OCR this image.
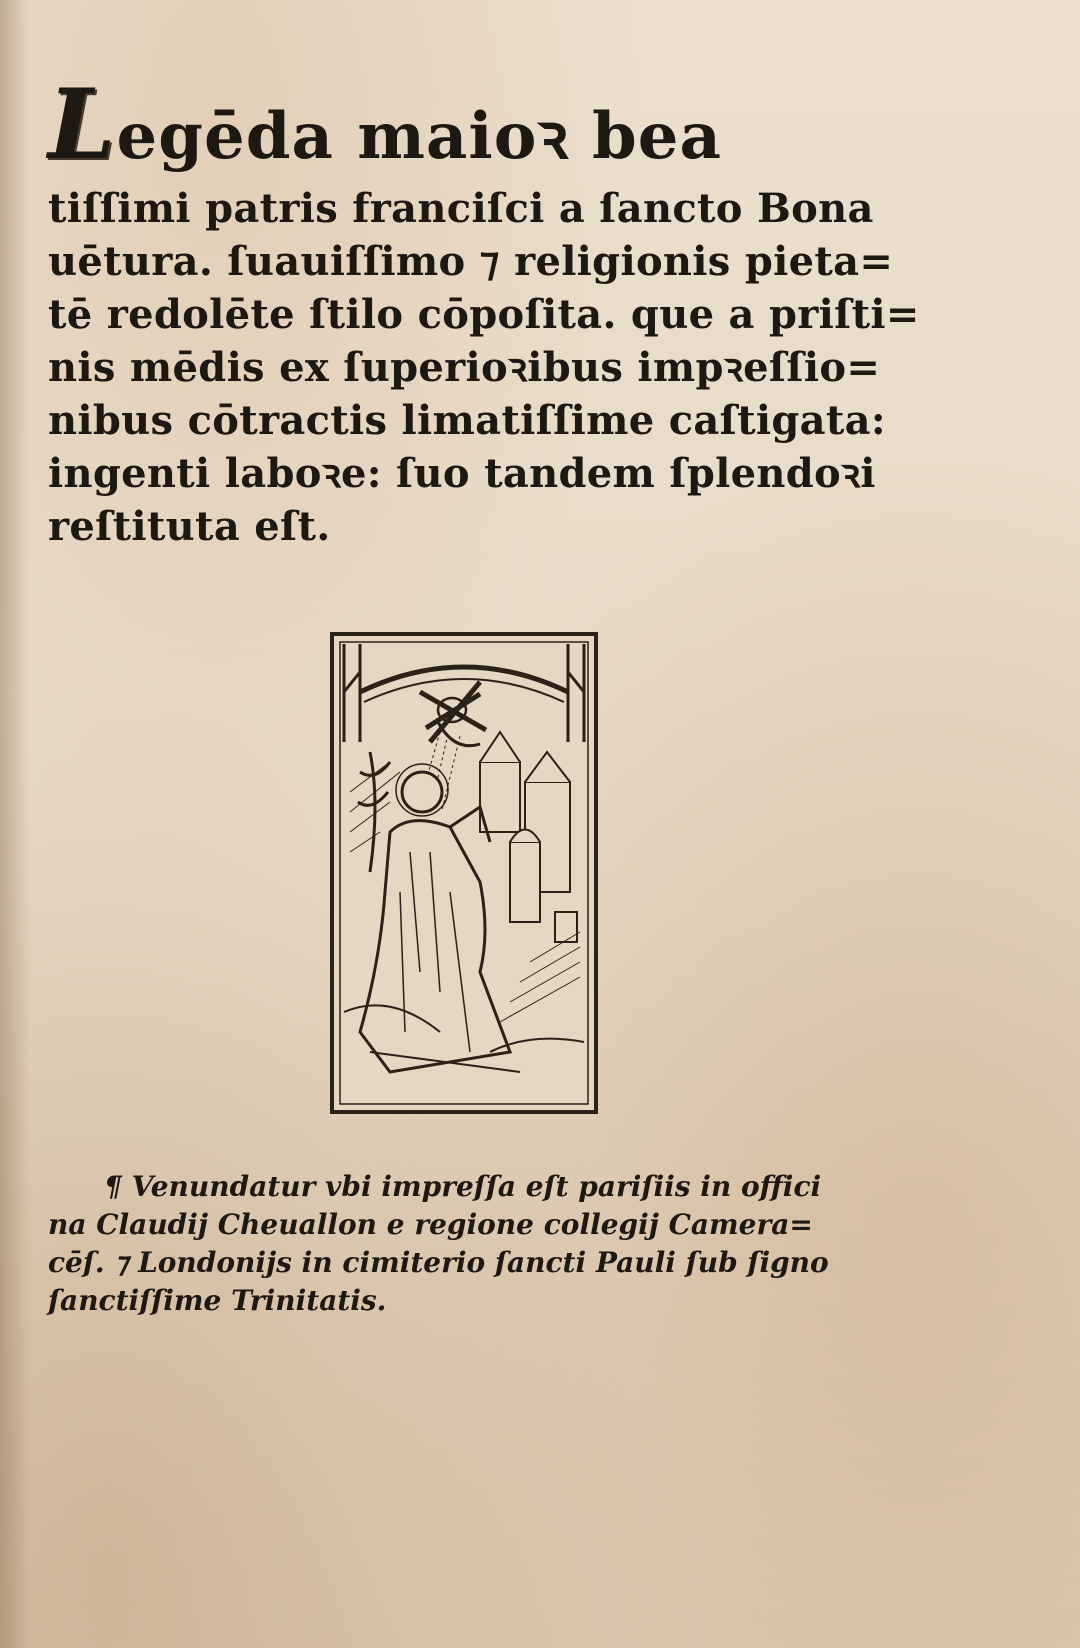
Legēda maioꝛ bea
tiſſimi patris franciſci a ſancto Bona
uētura. ſuauiſſimo ⁊ religionis pieta=
tē redolēte ſtilo cōpoſita. que a priſti=
nis mēdis ex ſuperioꝛibus impꝛeſſio=
nibus cōtractis limatiſſime caſtigata:
ingenti laboꝛe: ſuo tandem ſplendoꝛi
reſtituta eſt.
¶ Venundatur vbi impreſſa eſt pariſiis in offici
na Claudij Cheuallon e regione collegij Camera=
cēſ. ⁊ Londonijs in cimiterio ſancti Pauli ſub ſigno
ſanctiſſime Trinitatis.
